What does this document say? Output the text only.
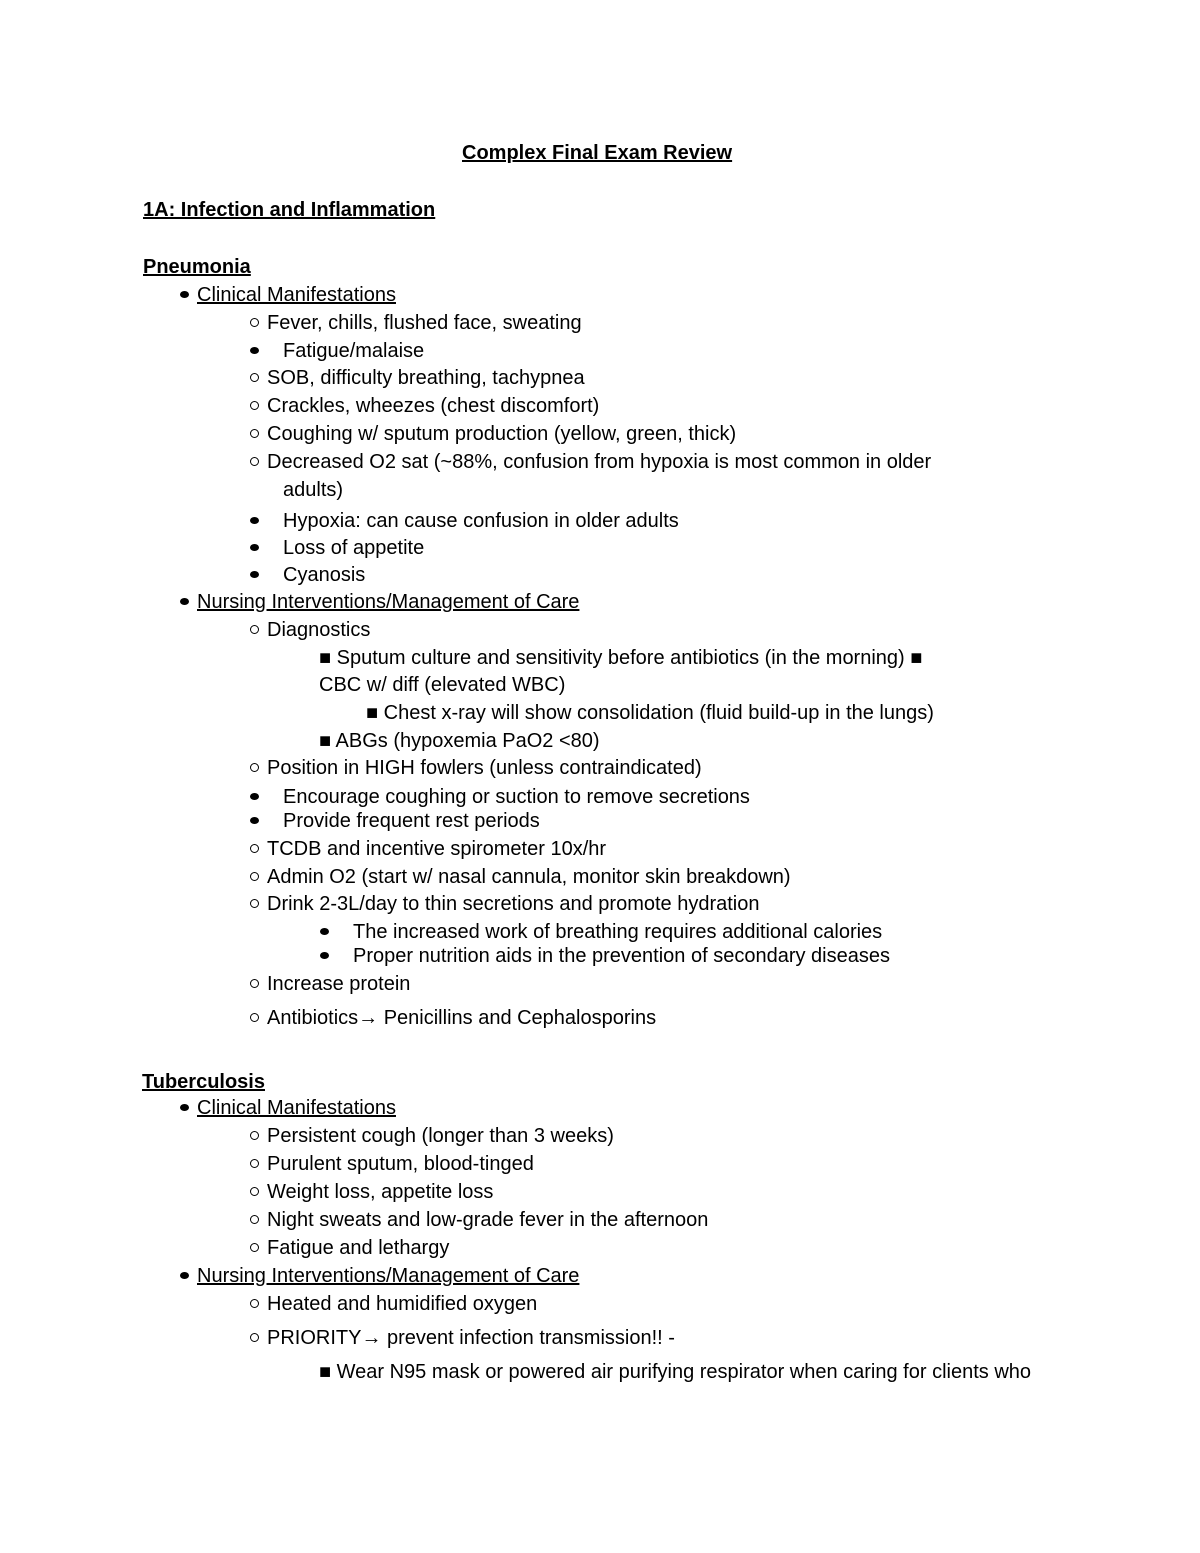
Complex Final Exam Review
1A: Infection and Inflammation
Pneumonia
Clinical Manifestations
Fever, chills, flushed face, sweating
Fatigue/malaise
SOB, difficulty breathing, tachypnea
Crackles, wheezes (chest discomfort)
Coughing w/ sputum production (yellow, green, thick)
Decreased O2 sat (~88%, confusion from hypoxia is most common in older
adults)
Hypoxia: can cause confusion in older adults
Loss of appetite
Cyanosis
Nursing Interventions/Management of Care
Diagnostics
■ Sputum culture and sensitivity before antibiotics (in the morning) ■
CBC w/ diff (elevated WBC)
■ Chest x-ray will show consolidation (fluid build-up in the lungs)
■ ABGs (hypoxemia PaO2 <80)
Position in HIGH fowlers (unless contraindicated)
Encourage coughing or suction to remove secretions
Provide frequent rest periods
TCDB and incentive spirometer 10x/hr
Admin O2 (start w/ nasal cannula, monitor skin breakdown)
Drink 2-3L/day to thin secretions and promote hydration
The increased work of breathing requires additional calories
Proper nutrition aids in the prevention of secondary diseases
Increase protein
Antibiotics→ Penicillins and Cephalosporins
Tuberculosis
Clinical Manifestations
Persistent cough (longer than 3 weeks)
Purulent sputum, blood-tinged
Weight loss, appetite loss
Night sweats and low-grade fever in the afternoon
Fatigue and lethargy
Nursing Interventions/Management of Care
Heated and humidified oxygen
PRIORITY→ prevent infection transmission!! -
■ Wear N95 mask or powered air purifying respirator when caring for clients who
